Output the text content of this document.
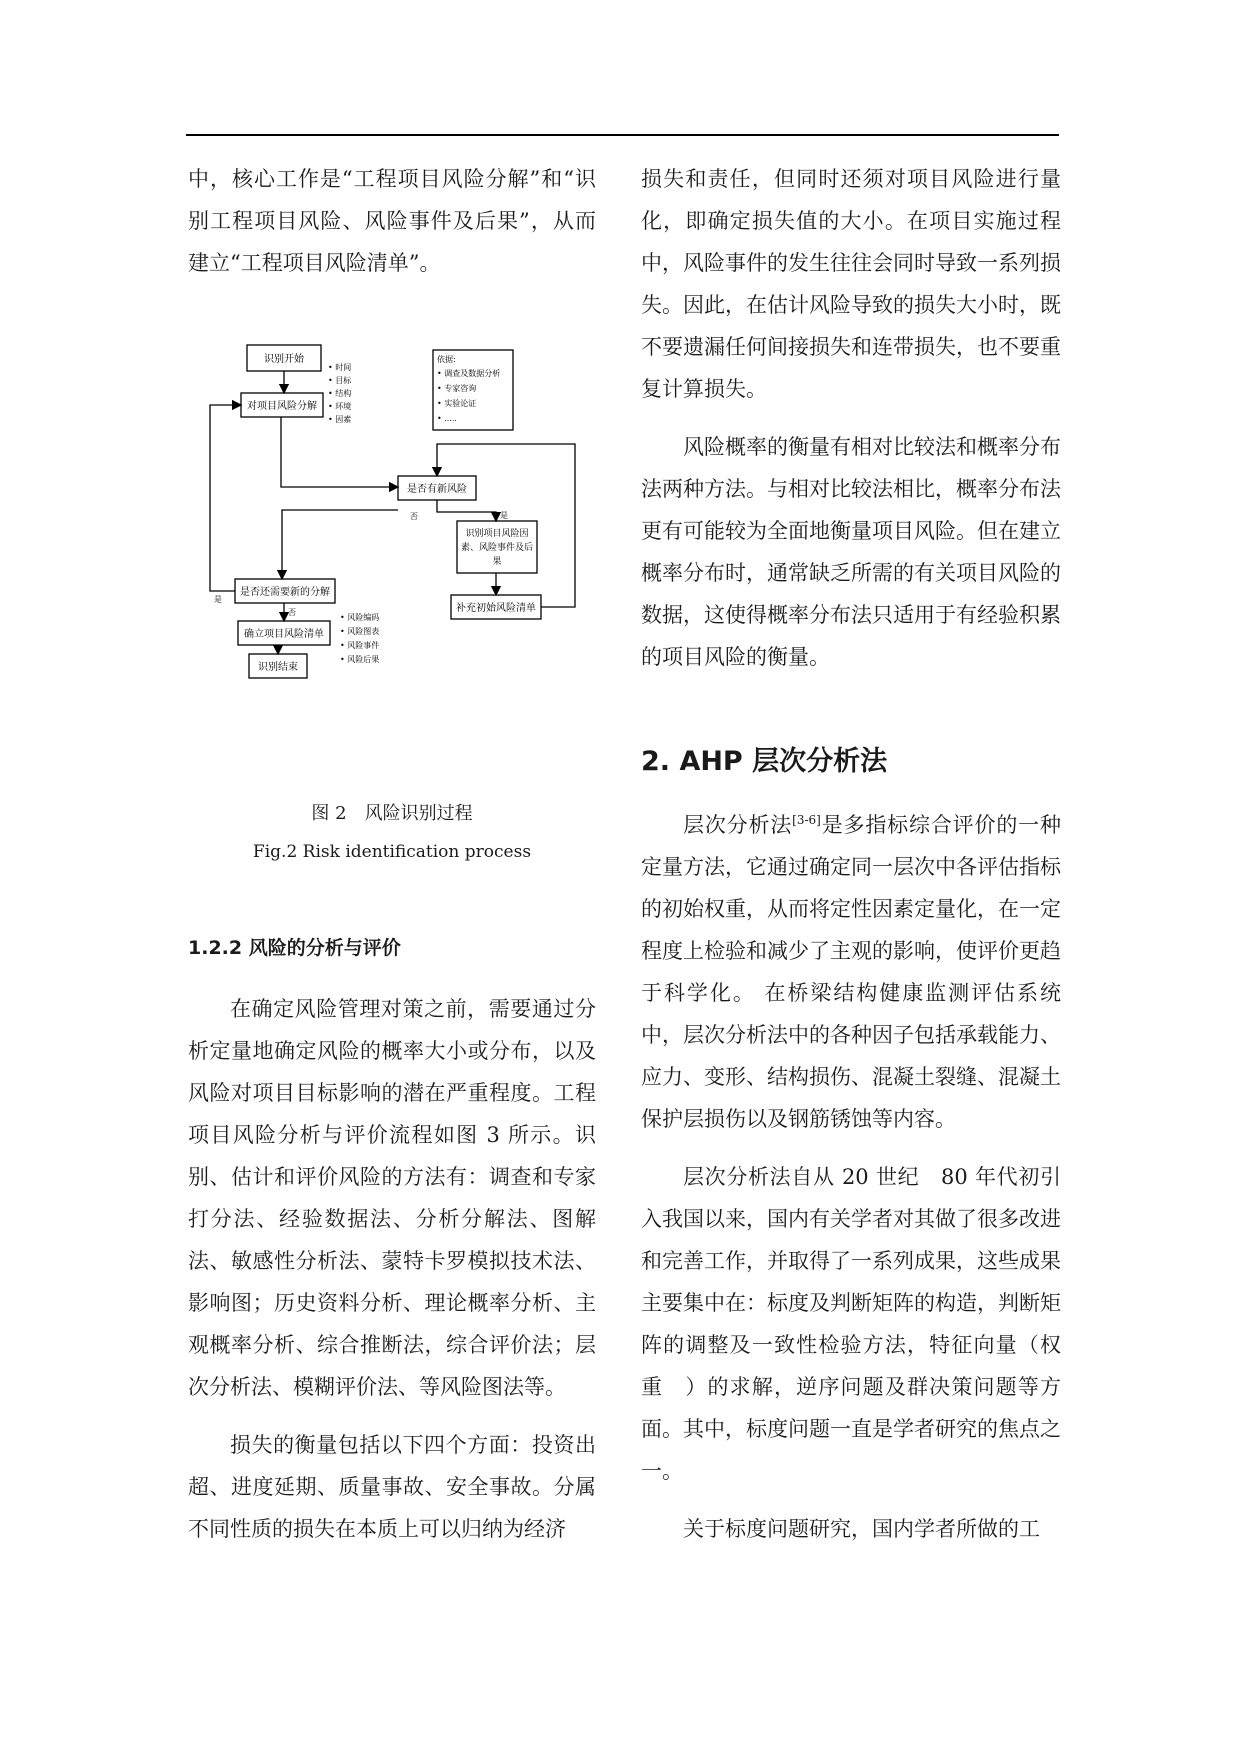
中，核心工作是“工程项目风险分解”和“识别工程项目风险、风险事件及后果”，从而建立“工程项目风险清单”。

识别开始
对项目风险分解
• 时间
• 目标
• 结构
• 环境
• 因素
依据:
• 调查及数据分析
• 专家咨询
• 实验论证
• .....
否	是
是
否
• 风险编码
• 风险图表
• 风险事件
• 风险后果
是否有新风险
识别项目风险因
素、风险事件及后
果
补充初始风险清单
是否还需要新的分解
确立项目风险清单
识别结束

图 2　风险识别过程

Fig.2 Risk identification process

1.2.2 风险的分析与评价

在确定风险管理对策之前，需要通过分析定量地确定风险的概率大小或分布，以及风险对项目目标影响的潜在严重程度。工程项目风险分析与评价流程如图 3 所示。识别、估计和评价风险的方法有：调查和专家打分法、经验数据法、分析分解法、图解法、敏感性分析法、蒙特卡罗模拟技术法、影响图；历史资料分析、理论概率分析、主观概率分析、综合推断法，综合评价法；层次分析法、模糊评价法、等风险图法等。

损失的衡量包括以下四个方面：投资出超、进度延期、质量事故、安全事故。分属不同性质的损失在本质上可以归纳为经济

损失和责任，但同时还须对项目风险进行量化，即确定损失值的大小。在项目实施过程中，风险事件的发生往往会同时导致一系列损失。因此，在估计风险导致的损失大小时，既不要遗漏任何间接损失和连带损失，也不要重复计算损失。

风险概率的衡量有相对比较法和概率分布法两种方法。与相对比较法相比，概率分布法更有可能较为全面地衡量项目风险。但在建立概率分布时，通常缺乏所需的有关项目风险的数据，这使得概率分布法只适用于有经验积累的项目风险的衡量。

2. AHP 层次分析法

层次分析法[3-6]是多指标综合评价的一种定量方法，它通过确定同一层次中各评估指标的初始权重，从而将定性因素定量化，在一定程度上检验和减少了主观的影响，使评价更趋于科学化。 在桥梁结构健康监测评估系统中，层次分析法中的各种因子包括承载能力、应力、变形、结构损伤、混凝土裂缝、混凝土保护层损伤以及钢筋锈蚀等内容。

层次分析法自从 20 世纪　80 年代初引入我国以来，国内有关学者对其做了很多改进和完善工作，并取得了一系列成果，这些成果主要集中在：标度及判断矩阵的构造，判断矩阵的调整及一致性检验方法，特征向量（权重　）的求解，逆序问题及群决策问题等方面。其中，标度问题一直是学者研究的焦点之一。

关于标度问题研究，国内学者所做的工
